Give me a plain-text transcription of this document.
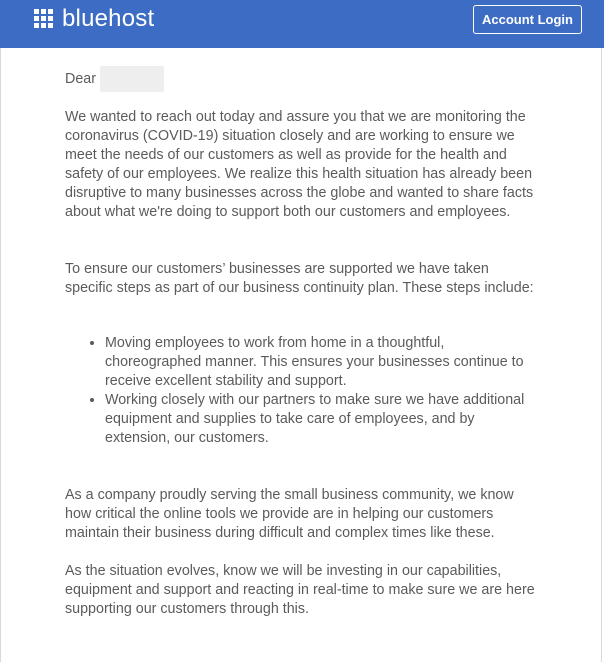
bluehost	Account Login
Dear

We wanted to reach out today and assure you that we are monitoring the coronavirus (COVID-19) situation closely and are working to ensure we meet the needs of our customers as well as provide for the health and safety of our employees. We realize this health situation has already been disruptive to many businesses across the globe and wanted to share facts about what we're doing to support both our customers and employees.

To ensure our customers’ businesses are supported we have taken specific steps as part of our business continuity plan. These steps include:

• Moving employees to work from home in a thoughtful, choreographed manner. This ensures your businesses continue to receive excellent stability and support.
• Working closely with our partners to make sure we have additional equipment and supplies to take care of employees, and by extension, our customers.

As a company proudly serving the small business community, we know how critical the online tools we provide are in helping our customers maintain their business during difficult and complex times like these.

As the situation evolves, know we will be investing in our capabilities, equipment and support and reacting in real-time to make sure we are here supporting our customers through this.
